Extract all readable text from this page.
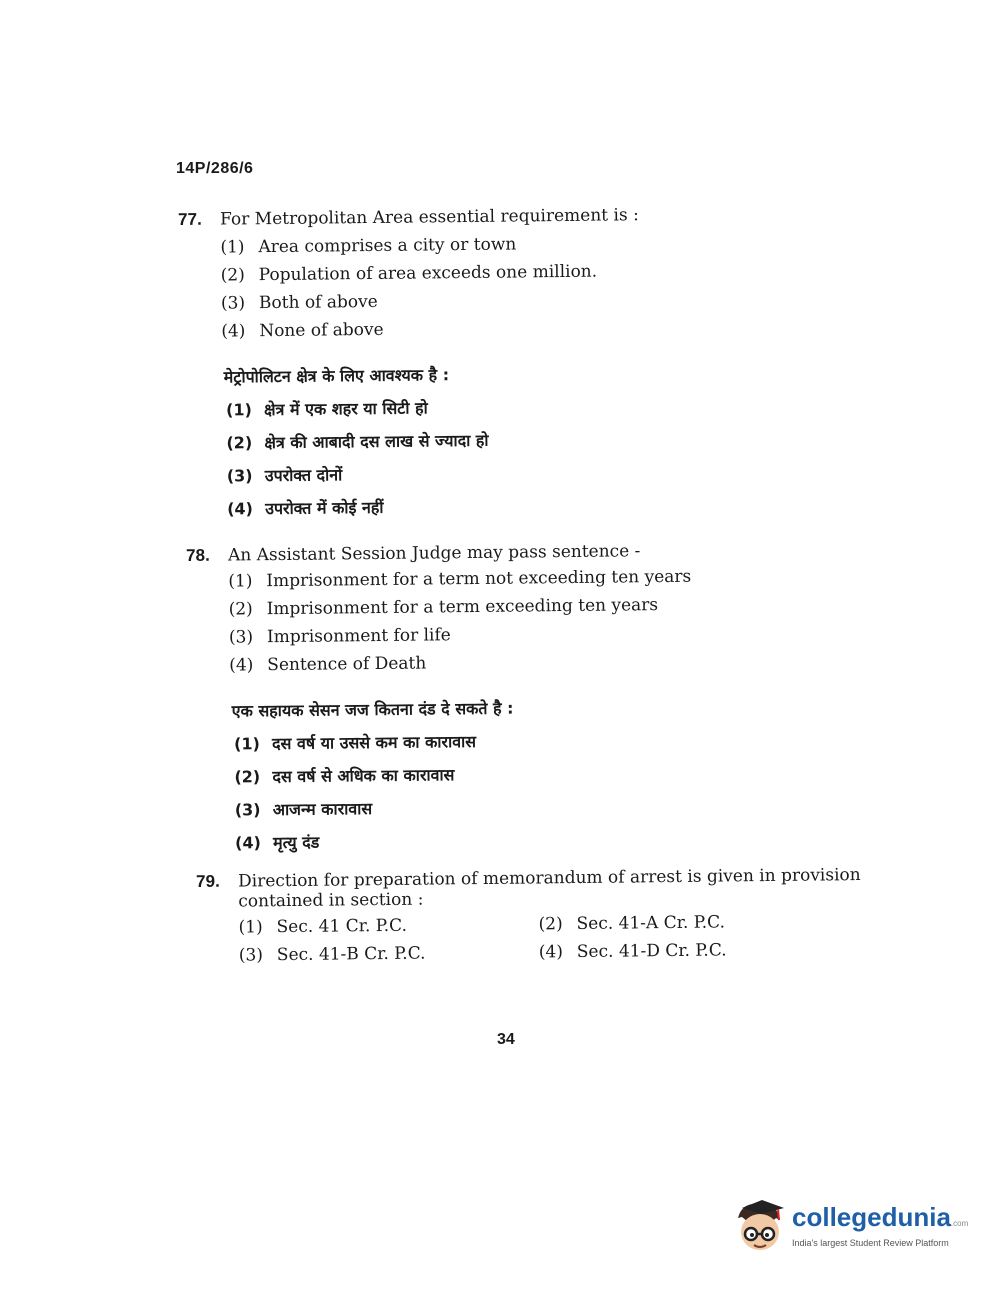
14P/286/6
77. For Metropolitan Area essential requirement is :
(1) Area comprises a city or town
(2) Population of area exceeds one million.
(3) Both of above
(4) None of above
मेट्रोपोलिटन क्षेत्र के लिए आवश्यक है :
(1) क्षेत्र में एक शहर या सिटी हो
(2) क्षेत्र की आबादी दस लाख से ज्यादा हो
(3) उपरोक्त दोनों
(4) उपरोक्त में कोई नहीं
78. An Assistant Session Judge may pass sentence -
(1) Imprisonment for a term not exceeding ten years
(2) Imprisonment for a term exceeding ten years
(3) Imprisonment for life
(4) Sentence of Death
एक सहायक सेसन जज कितना दंड दे सकते है :
(1) दस वर्ष या उससे कम का कारावास
(2) दस वर्ष से अधिक का कारावास
(3) आजन्म कारावास
(4) मृत्यु दंड
79. Direction for preparation of memorandum of arrest is given in provision
contained in section :
(1) Sec. 41 Cr. P.C.	(2) Sec. 41-A Cr. P.C.
(3) Sec. 41-B Cr. P.C.	(4) Sec. 41-D Cr. P.C.
34
collegedunia.com
India's largest Student Review Platform
